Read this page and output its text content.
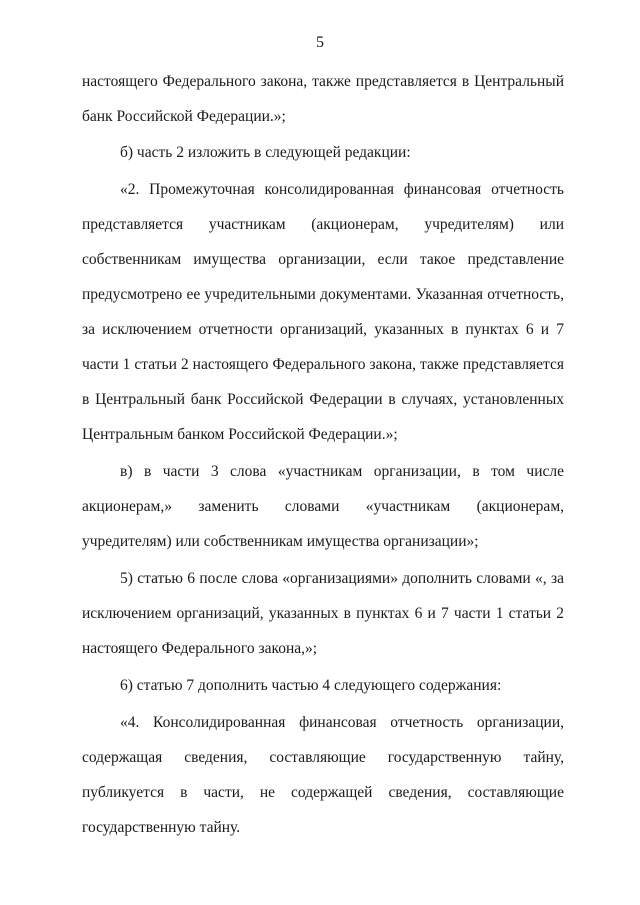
5

настоящего Федерального закона, также представляется в Центральный банк Российской Федерации.»;

б) часть 2 изложить в следующей редакции:

«2. Промежуточная консолидированная финансовая отчетность представляется участникам (акционерам, учредителям) или собственникам имущества организации, если такое представление предусмотрено ее учредительными документами. Указанная отчетность, за исключением отчетности организаций, указанных в пунктах 6 и 7 части 1 статьи 2 настоящего Федерального закона, также представляется в Центральный банк Российской Федерации в случаях, установленных Центральным банком Российской Федерации.»;

в) в части 3 слова «участникам организации, в том числе акционерам,» заменить словами «участникам (акционерам, учредителям) или собственникам имущества организации»;

5) статью 6 после слова «организациями» дополнить словами «, за исключением организаций, указанных в пунктах 6 и 7 части 1 статьи 2 настоящего Федерального закона,»;

6) статью 7 дополнить частью 4 следующего содержания:

«4. Консолидированная финансовая отчетность организации, содержащая сведения, составляющие государственную тайну, публикуется в части, не содержащей сведения, составляющие государственную тайну.
